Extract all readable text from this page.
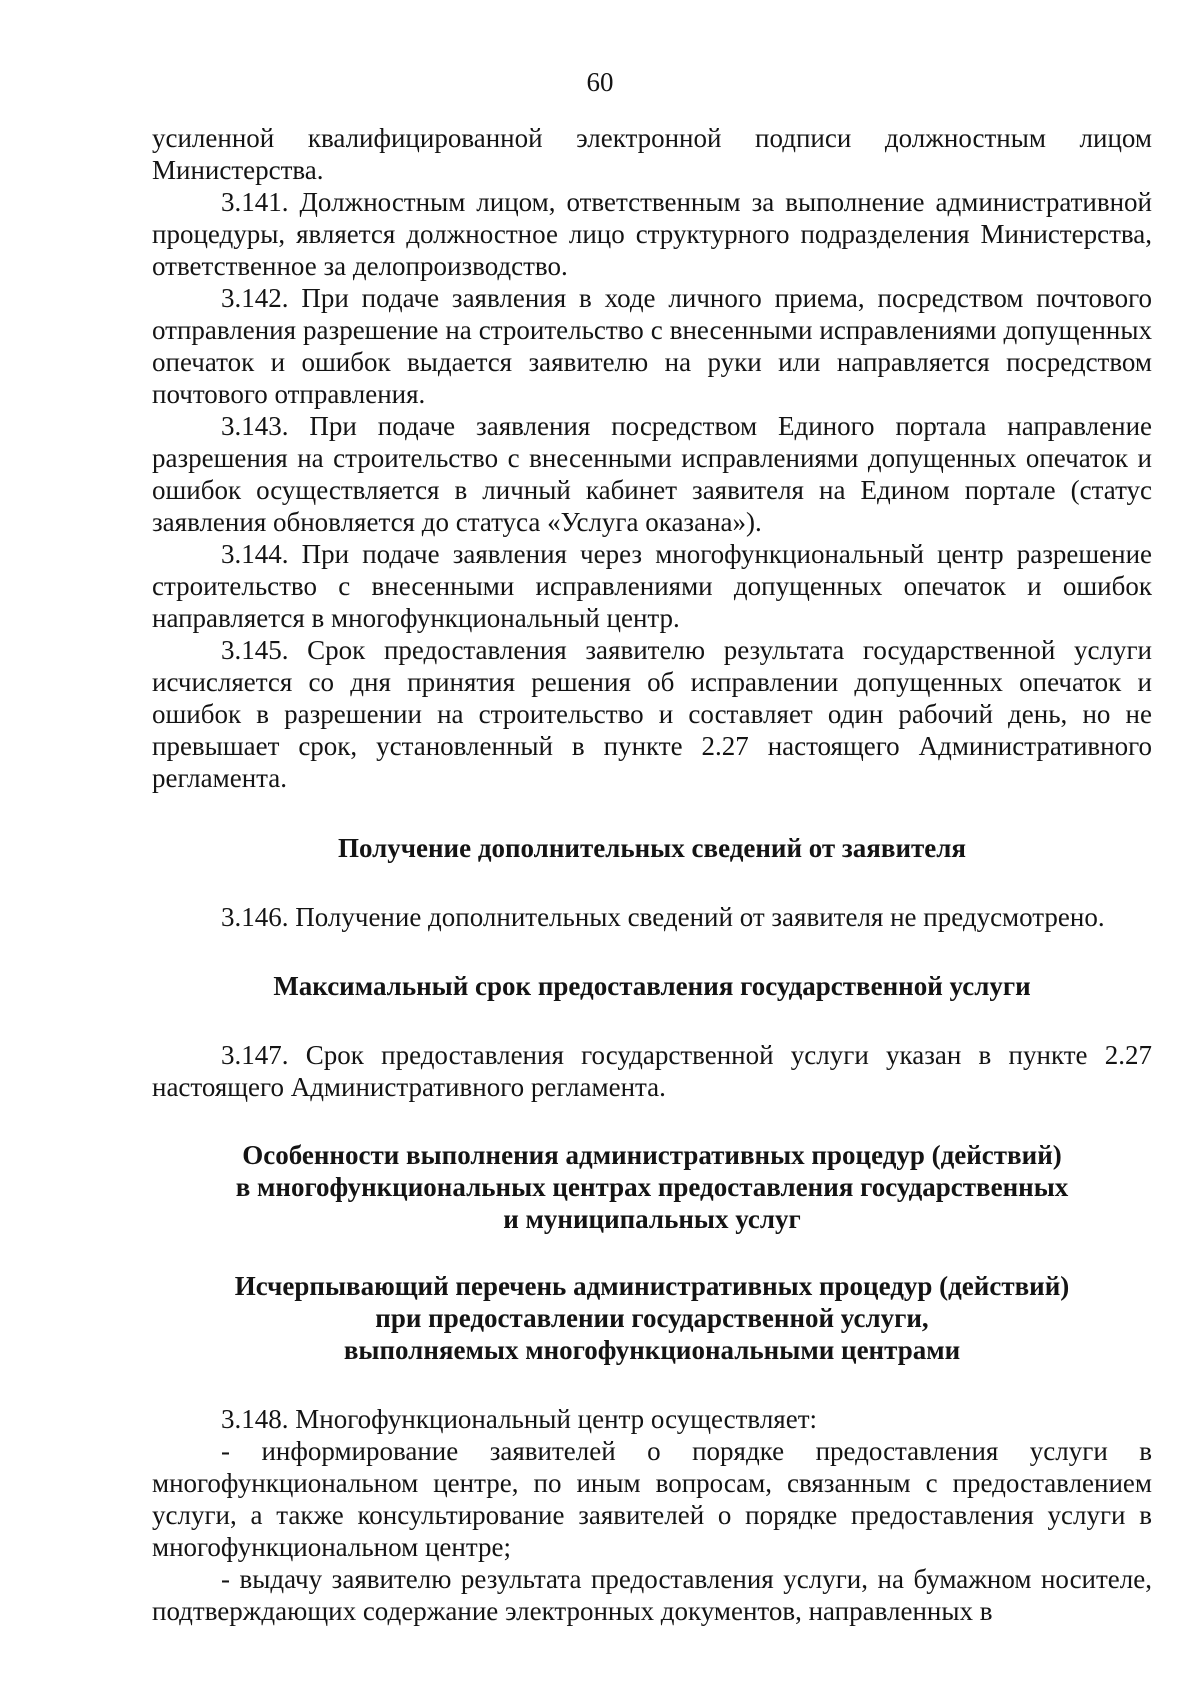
60

усиленной квалифицированной электронной подписи должностным лицом Министерства.

3.141. Должностным лицом, ответственным за выполнение административной процедуры, является должностное лицо структурного подразделения Министерства, ответственное за делопроизводство.

3.142. При подаче заявления в ходе личного приема, посредством почтового отправления разрешение на строительство с внесенными исправлениями допущенных опечаток и ошибок выдается заявителю на руки или направляется посредством почтового отправления.

3.143. При подаче заявления посредством Единого портала направление разрешения на строительство с внесенными исправлениями допущенных опечаток и ошибок осуществляется в личный кабинет заявителя на Едином портале (статус заявления обновляется до статуса «Услуга оказана»).

3.144. При подаче заявления через многофункциональный центр разрешение строительство с внесенными исправлениями допущенных опечаток и ошибок направляется в многофункциональный центр.

3.145. Срок предоставления заявителю результата государственной услуги исчисляется со дня принятия решения об исправлении допущенных опечаток и ошибок в разрешении на строительство и составляет один рабочий день, но не превышает срок, установленный в пункте 2.27 настоящего Административного регламента.

Получение дополнительных сведений от заявителя

3.146. Получение дополнительных сведений от заявителя не предусмотрено.

Максимальный срок предоставления государственной услуги

3.147. Срок предоставления государственной услуги указан в пункте 2.27 настоящего Административного регламента.

Особенности выполнения административных процедур (действий)
в многофункциональных центрах предоставления государственных
и муниципальных услуг

Исчерпывающий перечень административных процедур (действий)
при предоставлении государственной услуги,
выполняемых многофункциональными центрами

3.148. Многофункциональный центр осуществляет:

- информирование заявителей о порядке предоставления услуги в многофункциональном центре, по иным вопросам, связанным с предоставлением услуги, а также консультирование заявителей о порядке предоставления услуги в многофункциональном центре;

- выдачу заявителю результата предоставления услуги, на бумажном носителе, подтверждающих содержание электронных документов, направленных в
